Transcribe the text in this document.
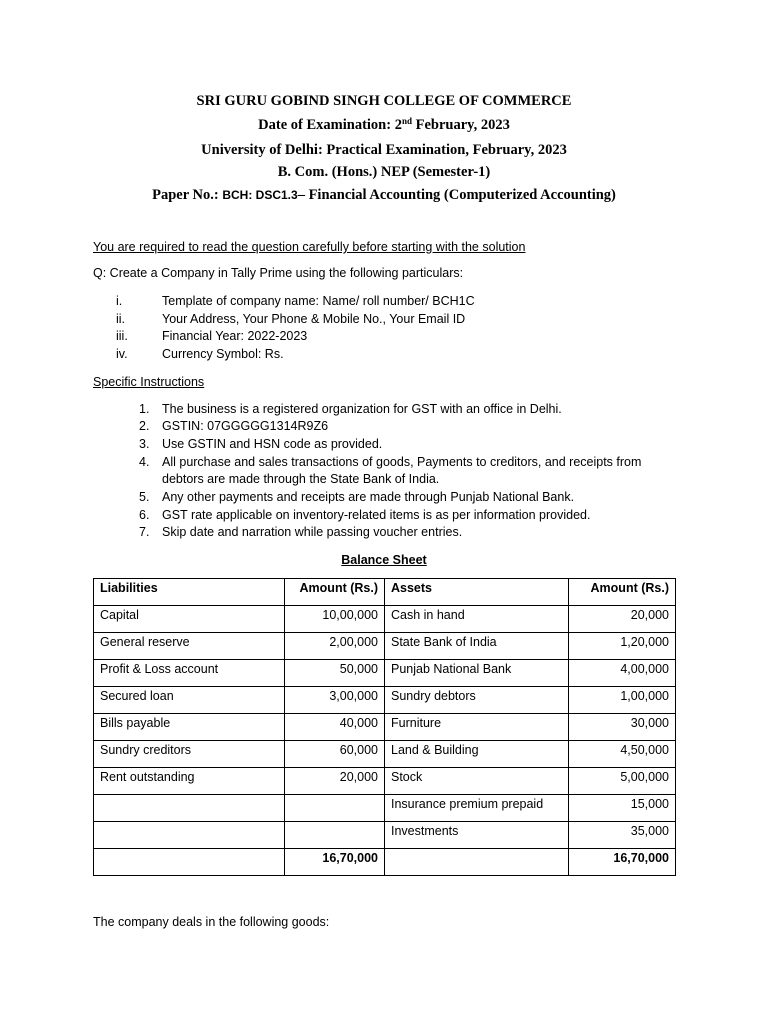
SRI GURU GOBIND SINGH COLLEGE OF COMMERCE
Date of Examination: 2nd February, 2023
University of Delhi: Practical Examination, February, 2023
B. Com. (Hons.) NEP (Semester-1)
Paper No.: BCH: DSC1.3– Financial Accounting (Computerized Accounting)
You are required to read the question carefully before starting with the solution
Q: Create a Company in Tally Prime using the following particulars:
i.	Template of company name: Name/ roll number/ BCH1C
ii.	Your Address, Your Phone & Mobile No., Your Email ID
iii.	Financial Year: 2022-2023
iv.	Currency Symbol: Rs.
Specific Instructions
1. The business is a registered organization for GST with an office in Delhi.
2. GSTIN: 07GGGGG1314R9Z6
3. Use GSTIN and HSN code as provided.
4. All purchase and sales transactions of goods, Payments to creditors, and receipts from
debtors are made through the State Bank of India.
5. Any other payments and receipts are made through Punjab National Bank.
6. GST rate applicable on inventory-related items is as per information provided.
7. Skip date and narration while passing voucher entries.
Balance Sheet
Liabilities	Amount (Rs.)	Assets	Amount (Rs.)
Capital	10,00,000	Cash in hand	20,000
General reserve	2,00,000	State Bank of India	1,20,000
Profit & Loss account	50,000	Punjab National Bank	4,00,000
Secured loan	3,00,000	Sundry debtors	1,00,000
Bills payable	40,000	Furniture	30,000
Sundry creditors	60,000	Land & Building	4,50,000
Rent outstanding	20,000	Stock	5,00,000
		Insurance premium prepaid	15,000
		Investments	35,000
	16,70,000		16,70,000
The company deals in the following goods:
